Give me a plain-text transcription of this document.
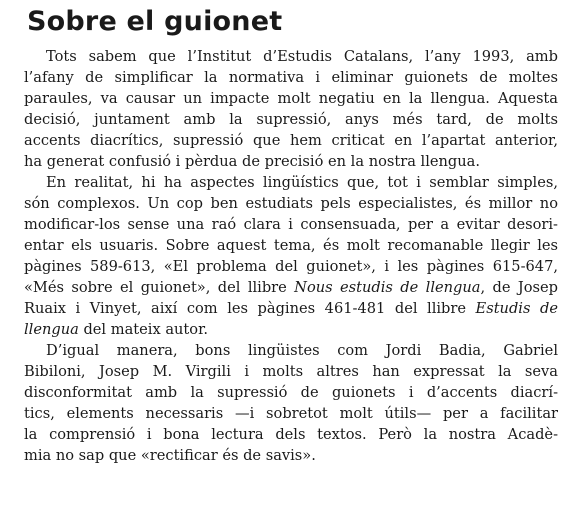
Sobre el guionet

Tots sabem que l’Institut d’Estudis Catalans, l’any 1993, amb

l’afany de simplificar la normativa i eliminar guionets de moltes

paraules, va causar un impacte molt negatiu en la llengua. Aquesta

decisió, juntament amb la supressió, anys més tard, de molts

accents diacrítics, supressió que hem criticat en l’apartat anterior,

ha generat confusió i pèrdua de precisió en la nostra llengua.

En realitat, hi ha aspectes lingüístics que, tot i semblar simples,

són complexos. Un cop ben estudiats pels especialistes, és millor no

modificar-los sense una raó clara i consensuada, per a evitar desori-

entar els usuaris. Sobre aquest tema, és molt recomanable llegir les

pàgines 589-613, «El problema del guionet», i les pàgines 615-647,

«Més sobre el guionet», del llibre Nous estudis de llengua, de Josep

Ruaix i Vinyet, així com les pàgines 461-481 del llibre Estudis de

llengua del mateix autor.

D’igual manera, bons lingüistes com Jordi Badia, Gabriel

Bibiloni, Josep M. Virgili i molts altres han expressat la seva

disconformitat amb la supressió de guionets i d’accents diacrí-

tics, elements necessaris —i sobretot molt útils— per a facilitar

la comprensió i bona lectura dels textos. Però la nostra Acadè-

mia no sap que «rectificar és de savis».
